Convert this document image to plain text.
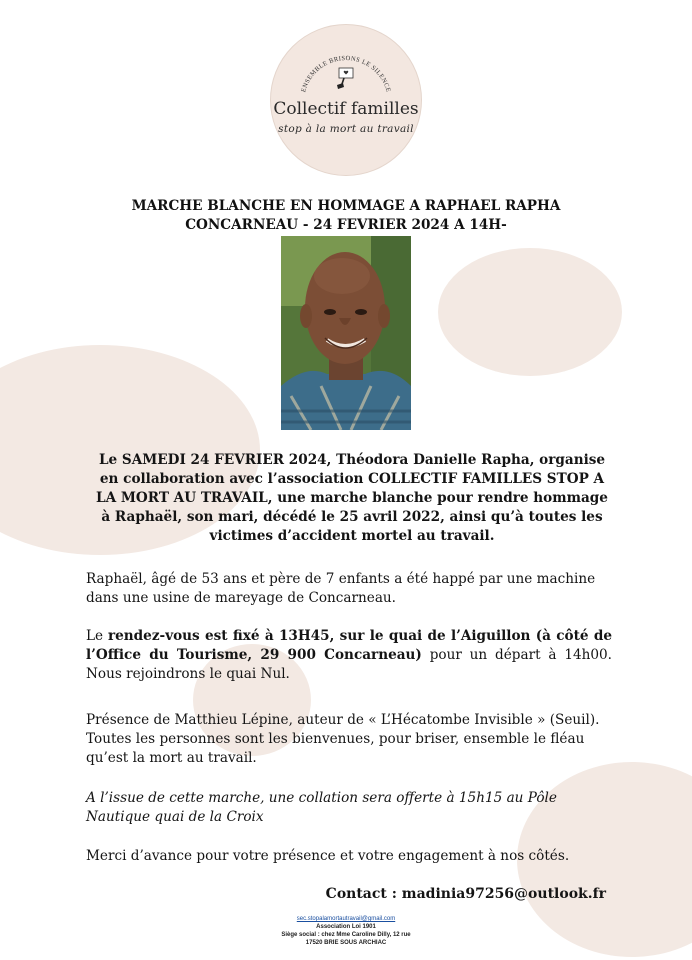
ENSEMBLE BRISONS LE SILENCE
Collectif familles
stop à la mort au travail
MARCHE BLANCHE EN HOMMAGE A RAPHAEL RAPHA
CONCARNEAU - 24 FEVRIER 2024 A 14H-

Le SAMEDI 24 FEVRIER 2024, Théodora Danielle Rapha, organise en collaboration avec l’association COLLECTIF FAMILLES STOP A LA MORT AU TRAVAIL, une marche blanche pour rendre hommage à Raphaël, son mari, décédé le 25 avril 2022, ainsi qu’à toutes les victimes d’accident mortel au travail.

Raphaël, âgé de 53 ans et père de 7 enfants a été happé par une machine dans une usine de mareyage de Concarneau.

Le rendez-vous est fixé à 13H45, sur le quai de l’Aiguillon (à côté de l’Office du Tourisme, 29 900 Concarneau) pour un départ à 14h00. Nous rejoindrons le quai Nul.

Présence de Matthieu Lépine, auteur de « L’Hécatombe Invisible » (Seuil). Toutes les personnes sont les bienvenues, pour briser, ensemble le fléau qu’est la mort au travail.

A l’issue de cette marche, une collation sera offerte à 15h15 au Pôle Nautique quai de la Croix

Merci d’avance pour votre présence et votre engagement à nos côtés.

Contact : madinia97256@outlook.fr
sec.stopalamortautravail@gmail.com
Association Loi 1901
Siège social : chez Mme Caroline Dilly, 12 rue
17520 BRIE SOUS ARCHIAC
